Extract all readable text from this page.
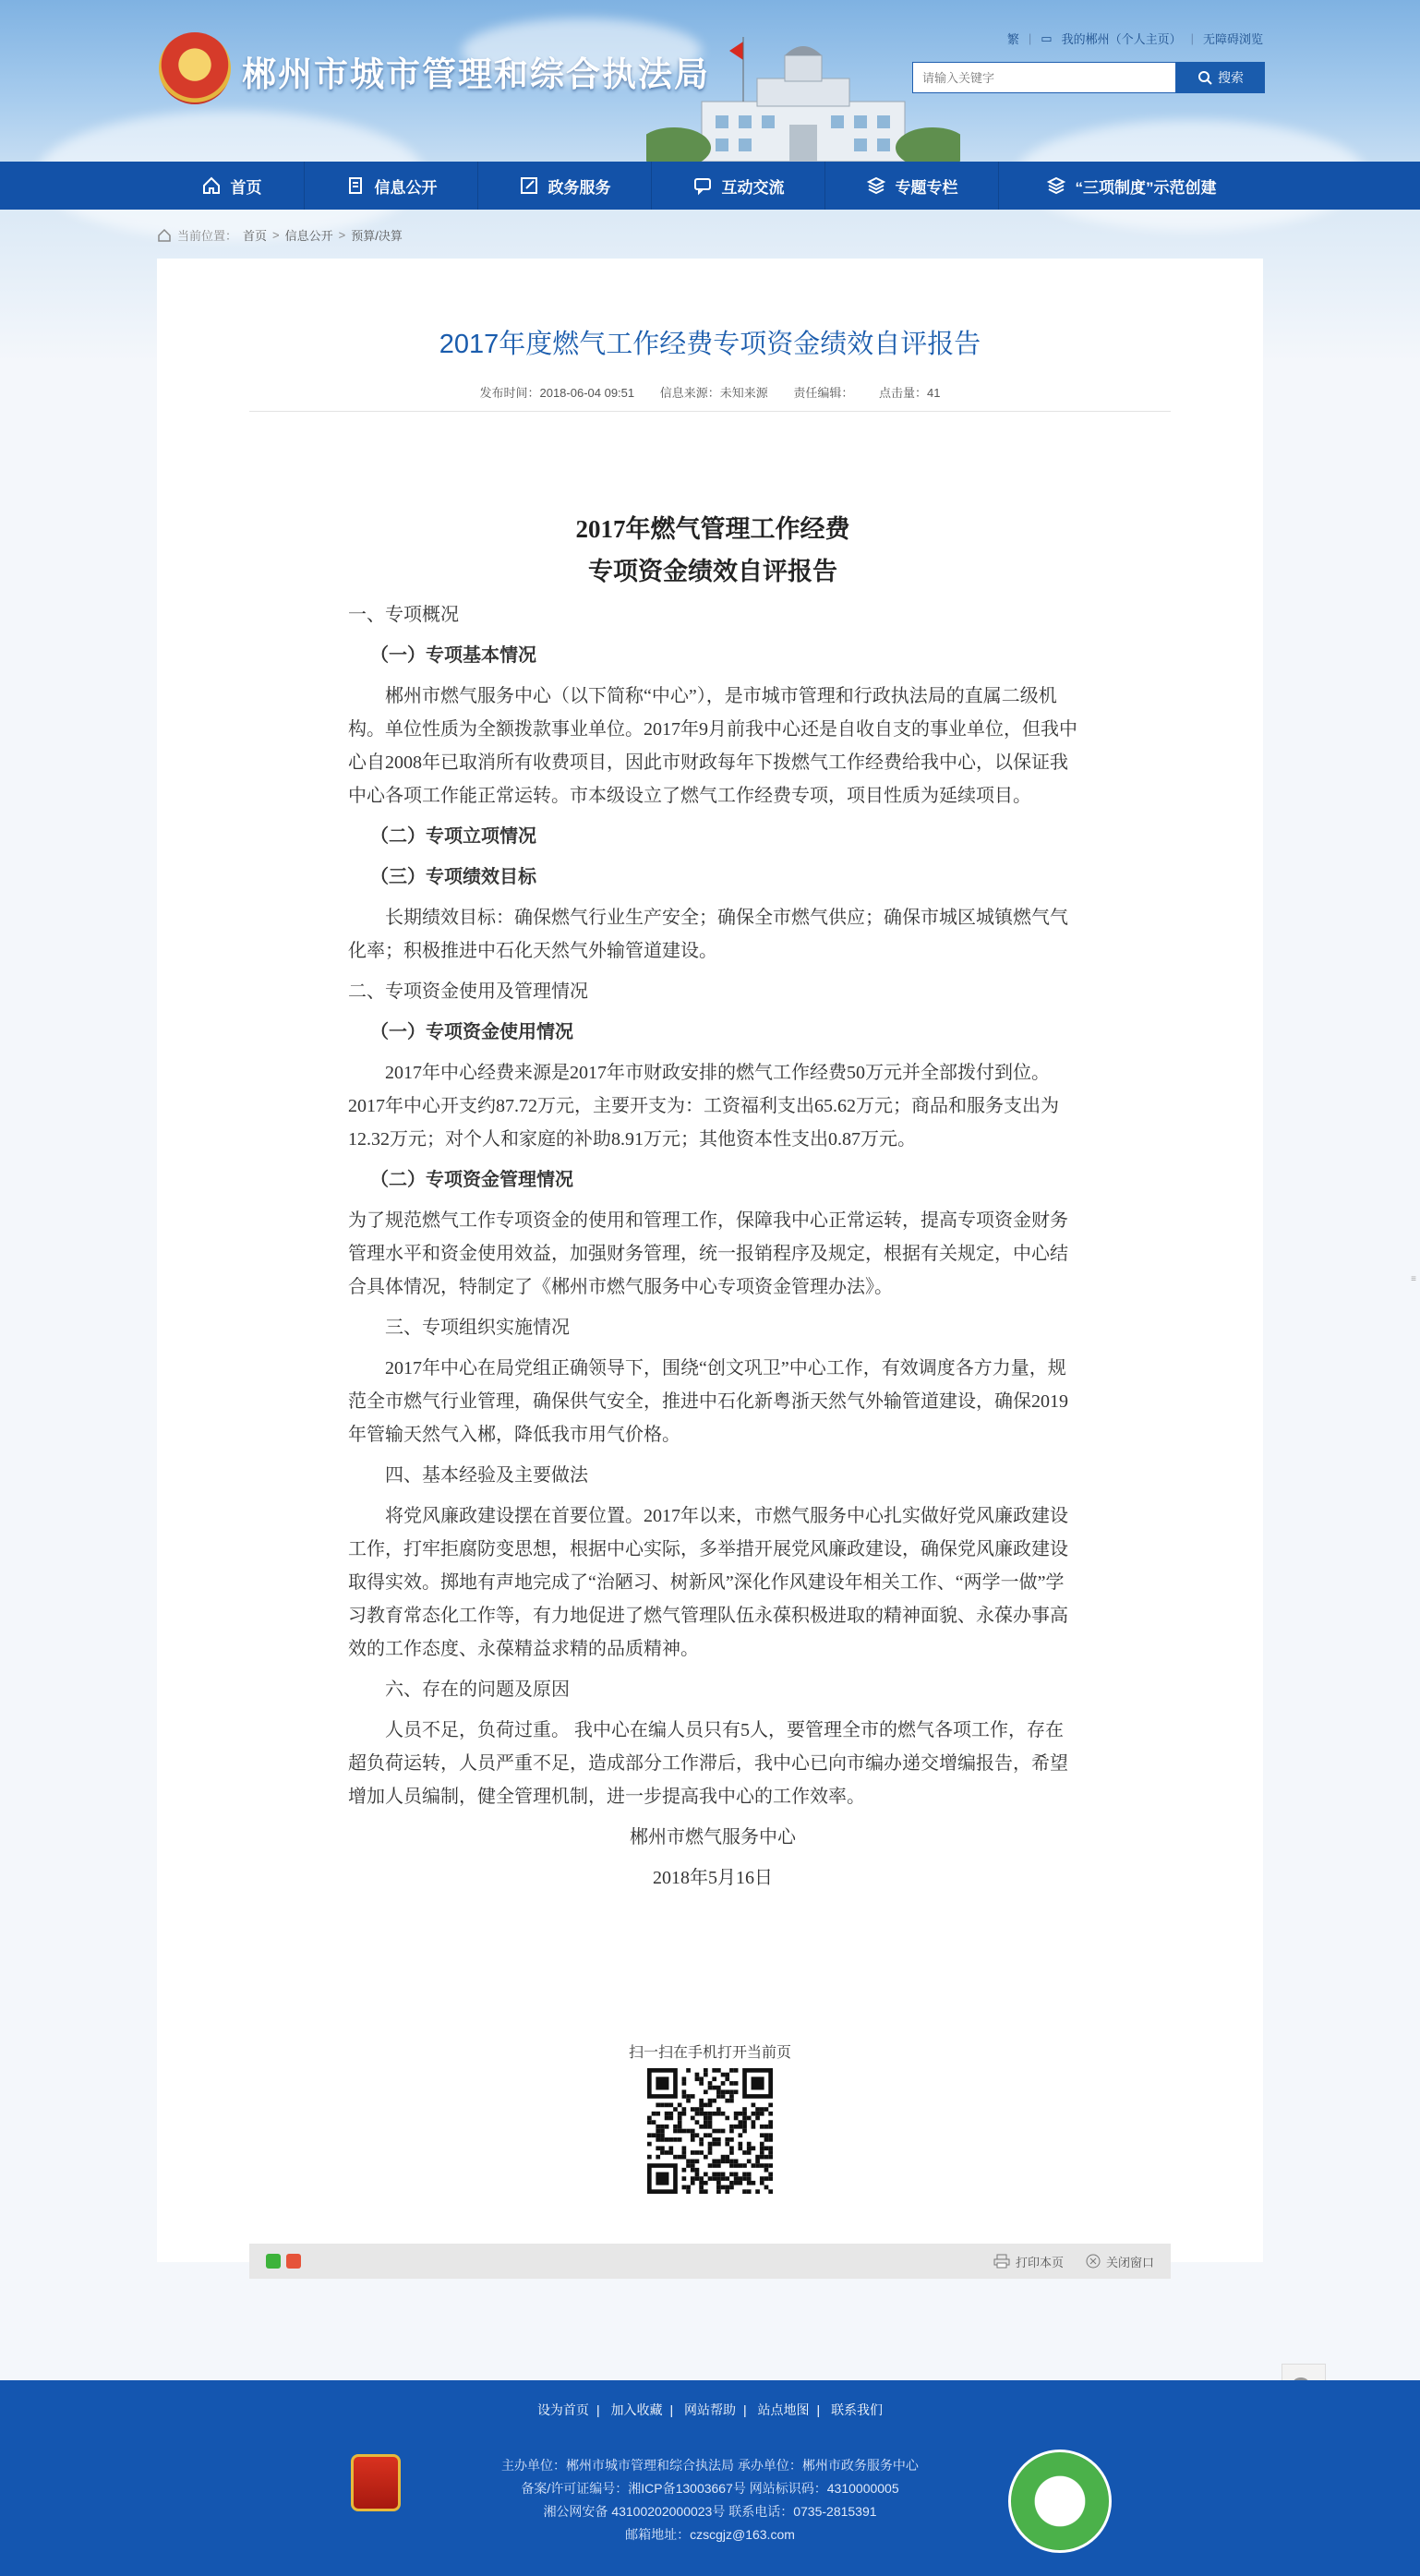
郴州市城市管理和综合执法局
繁 | ▭ 我的郴州（个人主页） | 无障碍浏览
请输入关键字
搜索
首页	信息公开	政务服务	互动交流	专题专栏	“三项制度”示范创建
当前位置： 首页 > 信息公开 > 预算/决算
2017年度燃气工作经费专项资金绩效自评报告
发布时间：2018-06-04 09:51 信息来源：未知来源 责任编辑： 点击量：41
2017年燃气管理工作经费
专项资金绩效自评报告

一、专项概况

（一）专项基本情况

郴州市燃气服务中心（以下简称“中心”），是市城市管理和行政执法局的直属二级机构。单位性质为全额拨款事业单位。2017年9月前我中心还是自收自支的事业单位，但我中心自2008年已取消所有收费项目，因此市财政每年下拨燃气工作经费给我中心，以保证我中心各项工作能正常运转。市本级设立了燃气工作经费专项，项目性质为延续项目。

（二）专项立项情况

（三）专项绩效目标

长期绩效目标：确保燃气行业生产安全；确保全市燃气供应；确保市城区城镇燃气气化率；积极推进中石化天然气外输管道建设。

二、专项资金使用及管理情况

（一）专项资金使用情况

2017年中心经费来源是2017年市财政安排的燃气工作经费50万元并全部拨付到位。2017年中心开支约87.72万元，主要开支为：工资福利支出65.62万元；商品和服务支出为12.32万元；对个人和家庭的补助8.91万元；其他资本性支出0.87万元。

（二）专项资金管理情况

为了规范燃气工作专项资金的使用和管理工作，保障我中心正常运转，提高专项资金财务管理水平和资金使用效益，加强财务管理，统一报销程序及规定，根据有关规定，中心结合具体情况，特制定了《郴州市燃气服务中心专项资金管理办法》。

三、专项组织实施情况

2017年中心在局党组正确领导下，围绕“创文巩卫”中心工作，有效调度各方力量，规范全市燃气行业管理，确保供气安全，推进中石化新粤浙天然气外输管道建设，确保2019年管输天然气入郴，降低我市用气价格。

四、基本经验及主要做法

将党风廉政建设摆在首要位置。2017年以来，市燃气服务中心扎实做好党风廉政建设工作，打牢拒腐防变思想，根据中心实际，多举措开展党风廉政建设，确保党风廉政建设取得实效。掷地有声地完成了“治陋习、树新风”深化作风建设年相关工作、“两学一做”学习教育常态化工作等，有力地促进了燃气管理队伍永葆积极进取的精神面貌、永葆办事高效的工作态度、永葆精益求精的品质精神。

六、存在的问题及原因

人员不足，负荷过重。 我中心在编人员只有5人，要管理全市的燃气各项工作，存在超负荷运转，人员严重不足，造成部分工作滞后，我中心已向市编办递交增编报告，希望增加人员编制，健全管理机制，进一步提高我中心的工作效率。

郴州市燃气服务中心

2018年5月16日

扫一扫在手机打开当前页
打印本页	关闭窗口
设为首页 | 加入收藏 | 网站帮助 | 站点地图 | 联系我们
主办单位：郴州市城市管理和综合执法局 承办单位：郴州市政务服务中心
备案/许可证编号：湘ICP备13003667号 网站标识码：4310000005
湘公网安备 43100202000023号 联系电话：0735-2815391
邮箱地址：czscgjz@163.com
≡
